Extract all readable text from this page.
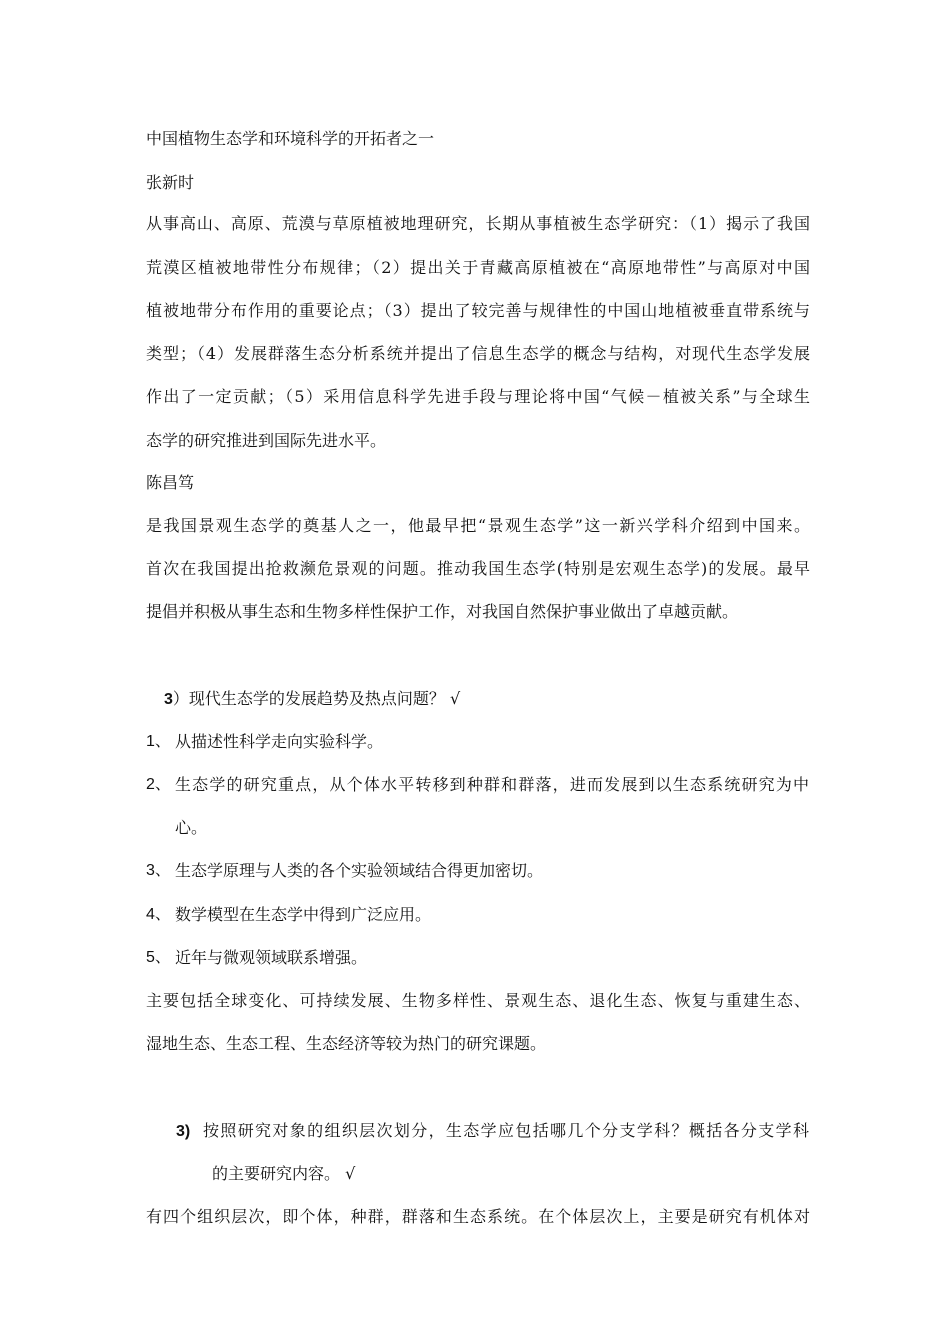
中国植物生态学和环境科学的开拓者之一
张新时
从事高山、高原、荒漠与草原植被地理研究，长期从事植被生态学研究：（1）揭示了我国
荒漠区植被地带性分布规律；（2）提出关于青藏高原植被在“高原地带性”与高原对中国
植被地带分布作用的重要论点；（3）提出了较完善与规律性的中国山地植被垂直带系统与
类型；（4）发展群落生态分析系统并提出了信息生态学的概念与结构，对现代生态学发展
作出了一定贡献；（5）采用信息科学先进手段与理论将中国“气候－植被关系”与全球生
态学的研究推进到国际先进水平。
陈昌笃
是我国景观生态学的奠基人之一，他最早把“景观生态学”这一新兴学科介绍到中国来。
首次在我国提出抢救濒危景观的问题。推动我国生态学(特别是宏观生态学)的发展。最早
提倡并积极从事生态和生物多样性保护工作，对我国自然保护事业做出了卓越贡献。
3）现代生态学的发展趋势及热点问题？ √
1、 从描述性科学走向实验科学。
2、 生态学的研究重点，从个体水平转移到种群和群落，进而发展到以生态系统研究为中
心。
3、 生态学原理与人类的各个实验领域结合得更加密切。
4、 数学模型在生态学中得到广泛应用。
5、 近年与微观领域联系增强。
主要包括全球变化、可持续发展、生物多样性、景观生态、退化生态、恢复与重建生态、
湿地生态、生态工程、生态经济等较为热门的研究课题。
3) 按照研究对象的组织层次划分，生态学应包括哪几个分支学科？概括各分支学科
的主要研究内容。 √
有四个组织层次，即个体，种群，群落和生态系统。在个体层次上，主要是研究有机体对
